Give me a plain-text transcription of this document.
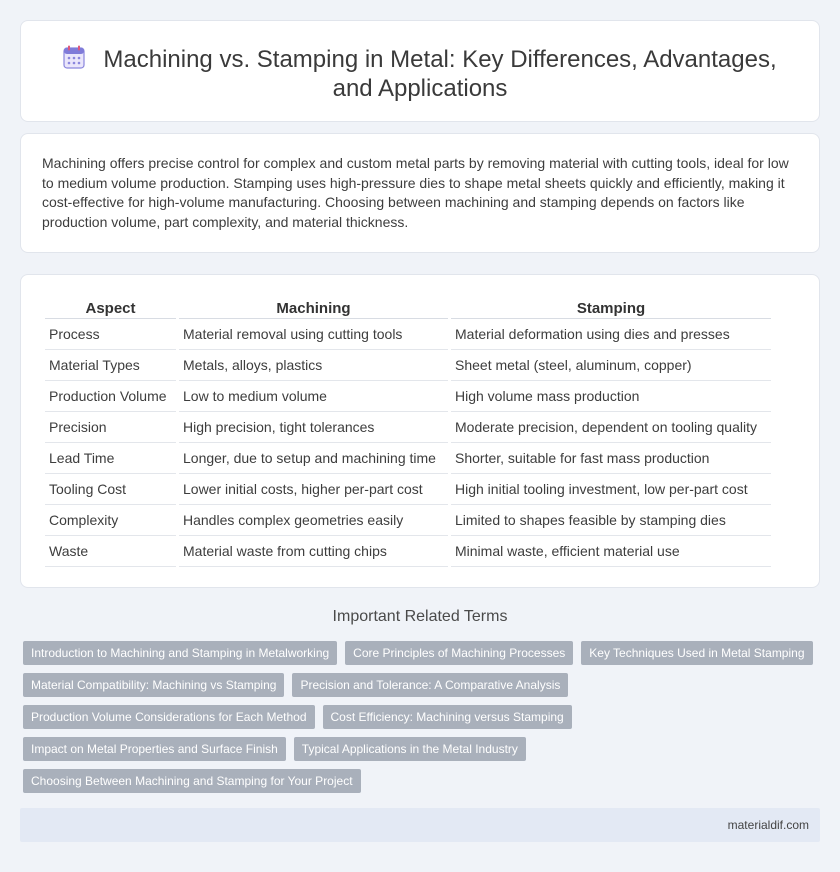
Machining vs. Stamping in Metal: Key Differences, Advantages,
and Applications

Machining offers precise control for complex and custom metal parts by removing material with cutting tools, ideal for low to medium volume production. Stamping uses high-pressure dies to shape metal sheets quickly and efficiently, making it cost-effective for high-volume manufacturing. Choosing between machining and stamping depends on factors like production volume, part complexity, and material thickness.

Aspect	Machining	Stamping
Process	Material removal using cutting tools	Material deformation using dies and presses
Material Types	Metals, alloys, plastics	Sheet metal (steel, aluminum, copper)
Production Volume	Low to medium volume	High volume mass production
Precision	High precision, tight tolerances	Moderate precision, dependent on tooling quality
Lead Time	Longer, due to setup and machining time	Shorter, suitable for fast mass production
Tooling Cost	Lower initial costs, higher per-part cost	High initial tooling investment, low per-part cost
Complexity	Handles complex geometries easily	Limited to shapes feasible by stamping dies
Waste	Material waste from cutting chips	Minimal waste, efficient material use
Important Related Terms
Introduction to Machining and Stamping in Metalworking	Core Principles of Machining Processes	Key Techniques Used in Metal Stamping
Material Compatibility: Machining vs Stamping	Precision and Tolerance: A Comparative Analysis
Production Volume Considerations for Each Method	Cost Efficiency: Machining versus Stamping
Impact on Metal Properties and Surface Finish	Typical Applications in the Metal Industry
Choosing Between Machining and Stamping for Your Project
materialdif.com
